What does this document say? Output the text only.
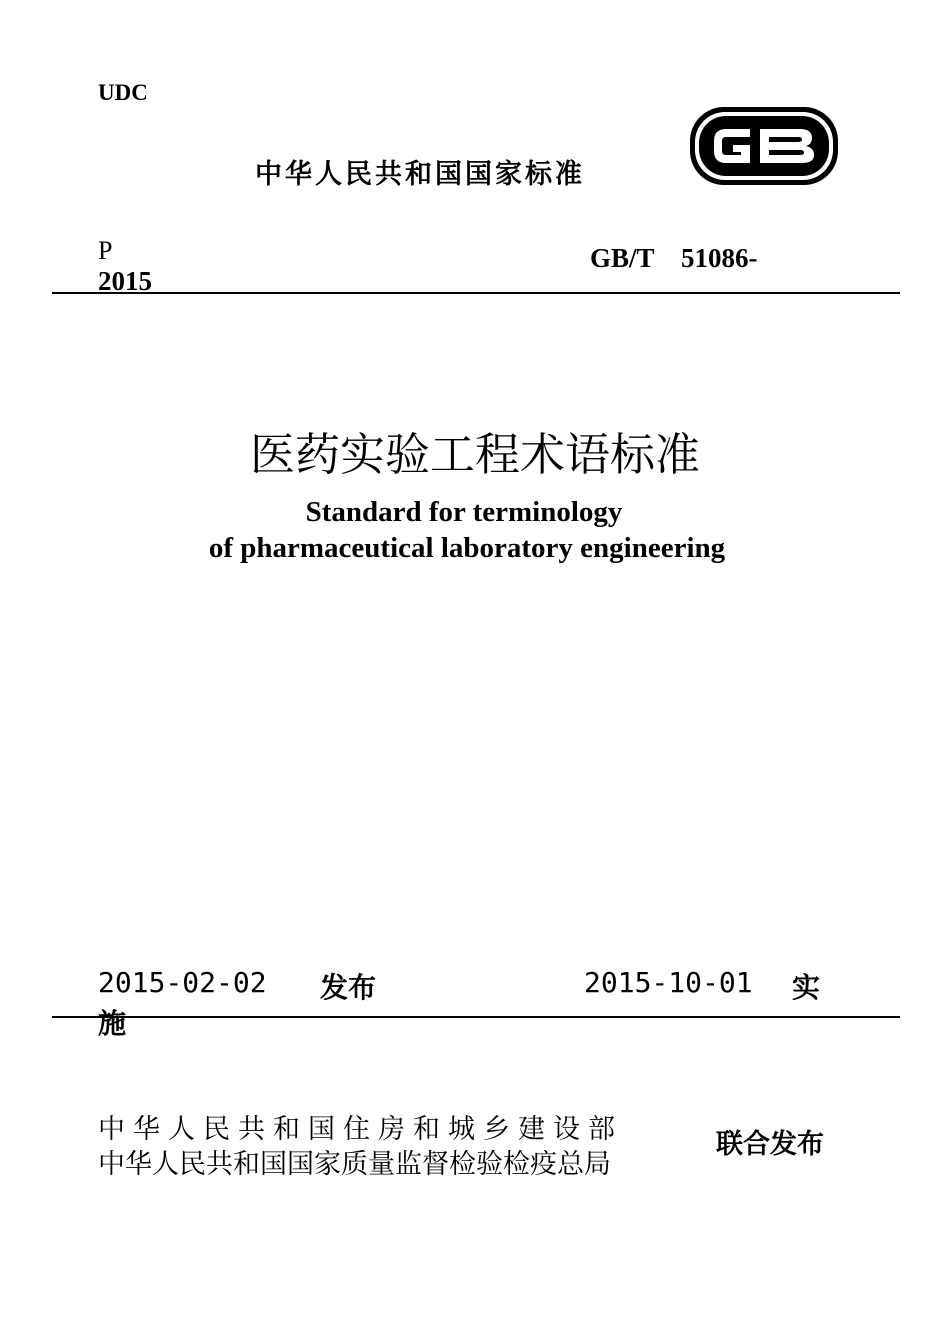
UDC
中华人民共和国国家标准
P	GB/T　51086-
2015
医药实验工程术语标准
Standard for terminology
of pharmaceutical laboratory engineering
2015-02-02 发布	2015-10-01 实
施
中华人民共和国住房和城乡建设部
中华人民共和国国家质量监督检验检疫总局
联合发布
